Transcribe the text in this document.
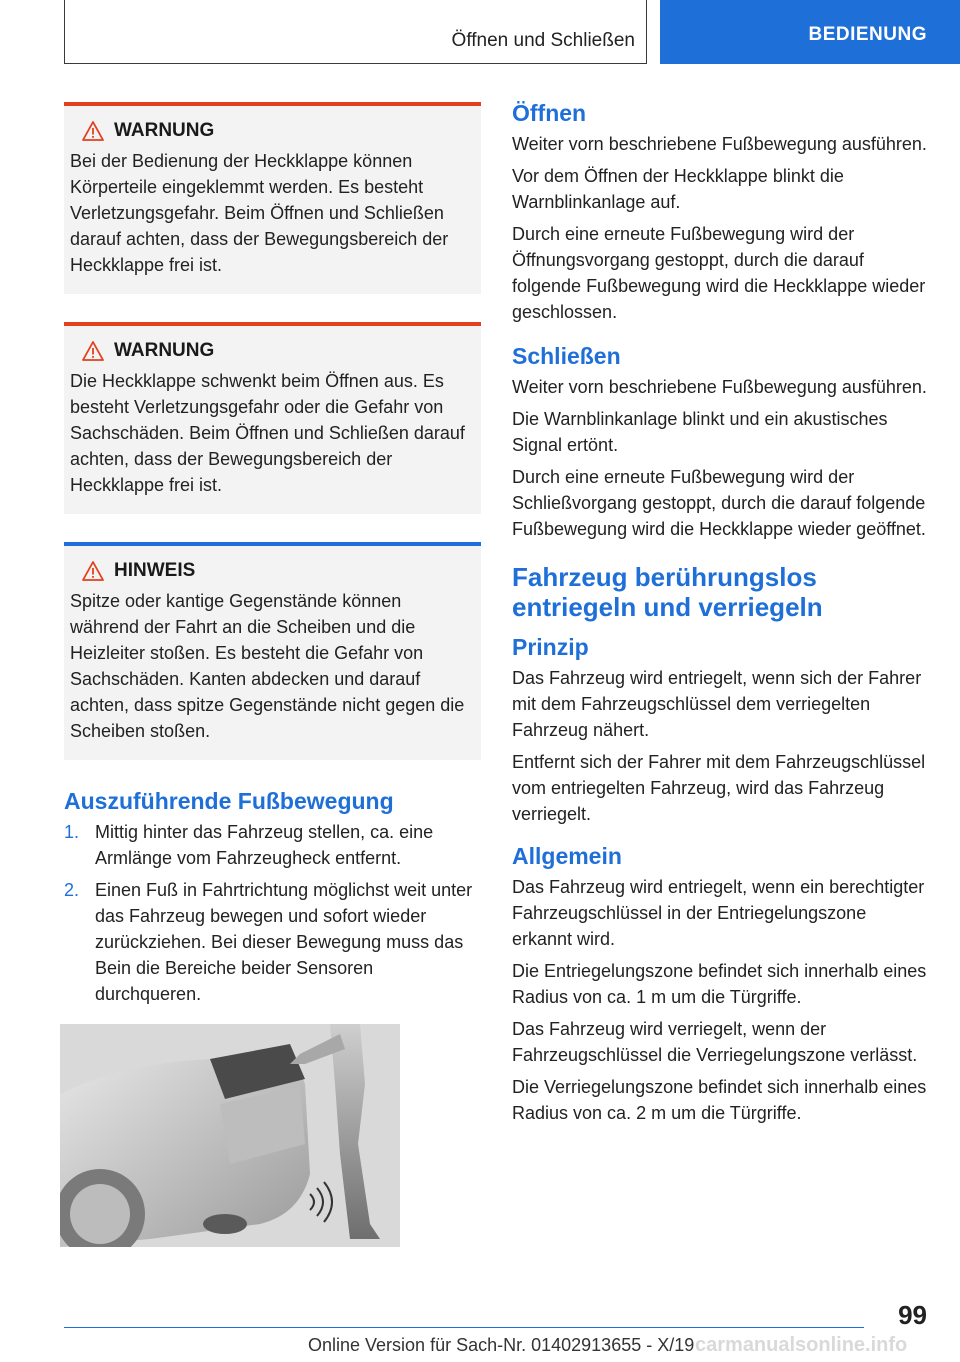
Öffnen und Schließen	BEDIENUNG
WARNUNG
Bei der Bedienung der Heckklappe können Körperteile eingeklemmt werden. Es besteht Verletzungsgefahr. Beim Öffnen und Schließen darauf achten, dass der Bewegungsbereich der Heckklappe frei ist.
WARNUNG
Die Heckklappe schwenkt beim Öffnen aus. Es besteht Verletzungsgefahr oder die Gefahr von Sachschäden. Beim Öffnen und Schließen darauf achten, dass der Bewegungsbereich der Heckklappe frei ist.
HINWEIS
Spitze oder kantige Gegenstände können während der Fahrt an die Scheiben und die Heizleiter stoßen. Es besteht die Gefahr von Sachschäden. Kanten abdecken und darauf achten, dass spitze Gegenstände nicht gegen die Scheiben stoßen.
Auszuführende Fußbewegung
1. Mittig hinter das Fahrzeug stellen, ca. eine Armlänge vom Fahrzeugheck entfernt.
2. Einen Fuß in Fahrtrichtung möglichst weit unter das Fahrzeug bewegen und sofort wieder zurückziehen. Bei dieser Bewegung muss das Bein die Bereiche beider Sensoren durchqueren.
Öffnen

Weiter vorn beschriebene Fußbewegung ausführen.

Vor dem Öffnen der Heckklappe blinkt die Warnblinkanlage auf.

Durch eine erneute Fußbewegung wird der Öffnungsvorgang gestoppt, durch die darauf folgende Fußbewegung wird die Heckklappe wieder geschlossen.

Schließen

Weiter vorn beschriebene Fußbewegung ausführen.

Die Warnblinkanlage blinkt und ein akustisches Signal ertönt.

Durch eine erneute Fußbewegung wird der Schließvorgang gestoppt, durch die darauf folgende Fußbewegung wird die Heckklappe wieder geöffnet.

Fahrzeug berührungslos entriegeln und verriegeln
Prinzip

Das Fahrzeug wird entriegelt, wenn sich der Fahrer mit dem Fahrzeugschlüssel dem verriegelten Fahrzeug nähert.

Entfernt sich der Fahrer mit dem Fahrzeugschlüssel vom entriegelten Fahrzeug, wird das Fahrzeug verriegelt.

Allgemein

Das Fahrzeug wird entriegelt, wenn ein berechtigter Fahrzeugschlüssel in der Entriegelungszone erkannt wird.

Die Entriegelungszone befindet sich innerhalb eines Radius von ca. 1 m um die Türgriffe.

Das Fahrzeug wird verriegelt, wenn der Fahrzeugschlüssel die Verriegelungszone verlässt.

Die Verriegelungszone befindet sich innerhalb eines Radius von ca. 2 m um die Türgriffe.

99
Online Version für Sach-Nr. 01402913655 - X/19 carmanualsonline.info
